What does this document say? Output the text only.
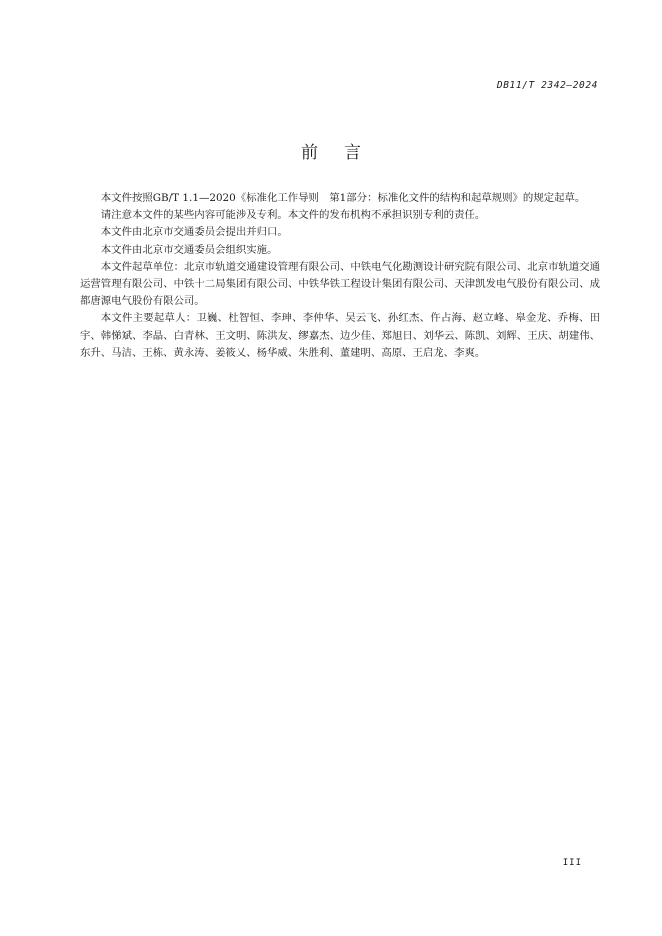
DB11/T 2342—2024
前言

本文件按照GB/T 1.1—2020《标准化工作导则　第1部分：标准化文件的结构和起草规则》的规定起草。

请注意本文件的某些内容可能涉及专利。本文件的发布机构不承担识别专利的责任。

本文件由北京市交通委员会提出并归口。

本文件由北京市交通委员会组织实施。

本文件起草单位：北京市轨道交通建设管理有限公司、中铁电气化勘测设计研究院有限公司、北京市轨道交通运营管理有限公司、中铁十二局集团有限公司、中铁华铁工程设计集团有限公司、天津凯发电气股份有限公司、成都唐源电气股份有限公司。

本文件主要起草人：卫巍、杜智恒、李珅、李仲华、吴云飞、孙红杰、仵占海、赵立峰、皋金龙、乔梅、田宇、韩悌斌、李晶、白青林、王文明、陈洪友、缪嘉杰、边少佳、郑旭日、刘华云、陈凯、刘辉、王庆、胡建伟、东升、马洁、王栋、黄永涛、姜筱乂、杨华威、朱胜利、董建明、高原、王启龙、李爽。

III
